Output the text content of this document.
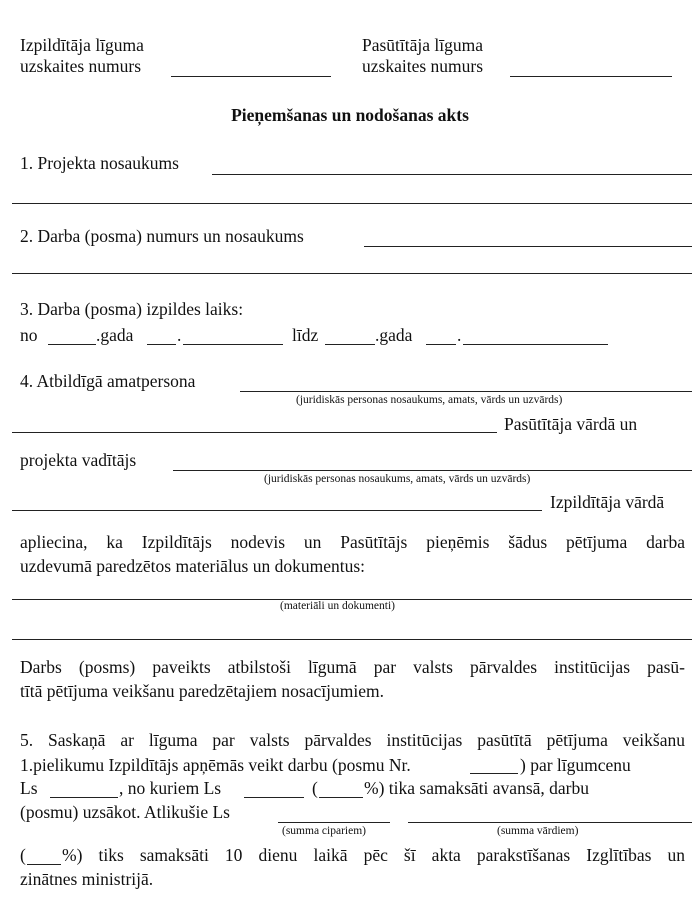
Izpildītāja līguma
uzskaites numurs
Pasūtītāja līguma
uzskaites numurs
Pieņemšanas un nodošanas akts
1. Projekta nosaukums
2. Darba (posma) numurs un nosaukums
3. Darba (posma) izpildes laiks:
no	.gada .	līdz	.gada	.
4. Atbildīgā amatpersona
(juridiskās personas nosaukums, amats, vārds un uzvārds)
Pasūtītāja vārdā un
projekta vadītājs
(juridiskās personas nosaukums, amats, vārds un uzvārds)
Izpildītāja vārdā
apliecina, ka Izpildītājs nodevis un Pasūtītājs pieņēmis šādus pētījuma darba
uzdevumā paredzētos materiālus un dokumentus:
(materiāli un dokumenti)
Darbs (posms) paveikts atbilstoši līgumā par valsts pārvaldes institūcijas pasū-
tītā pētījuma veikšanu paredzētajiem nosacījumiem.
5. Saskaņā ar līguma par valsts pārvaldes institūcijas pasūtītā pētījuma veikšanu
1.pielikumu Izpildītājs apņēmās veikt darbu (posmu Nr.	) par līgumcenu
Ls	, no kuriem Ls	(	%) tika samaksāti avansā, darbu
(posmu) uzsākot. Atlikušie Ls
(summa cipariem)	(summa vārdiem)
( %) tiks samaksāti 10 dienu laikā pēc šī akta parakstīšanas Izglītības un
zinātnes ministrijā.
